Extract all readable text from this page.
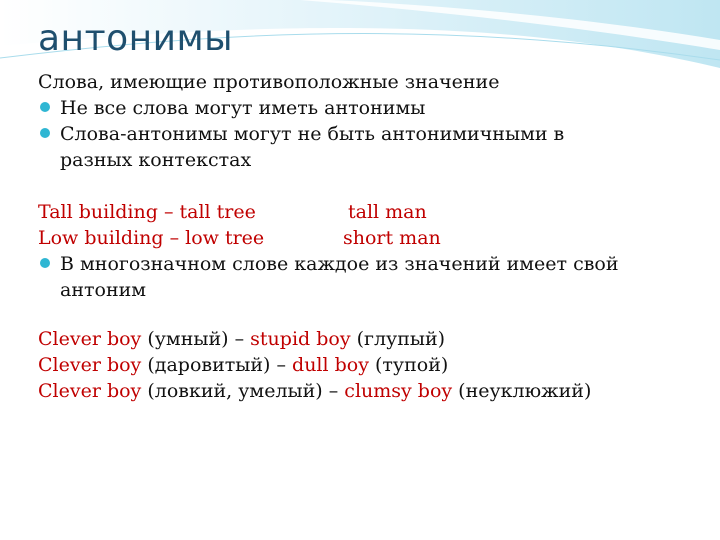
антонимы
Слова, имеющие противоположные значение
Не все слова могут иметь антонимы
Слова-антонимы могут не быть антонимичными в
разных контекстах
Tall building – tall tree	tall man
Low building – low tree	short man
В многозначном слове каждое из значений имеет свой
антоним
Clever boy (умный) – stupid boy (глупый)
Clever boy (даровитый) – dull boy (тупой)
Clever boy (ловкий, умелый) – clumsy boy (неуклюжий)
